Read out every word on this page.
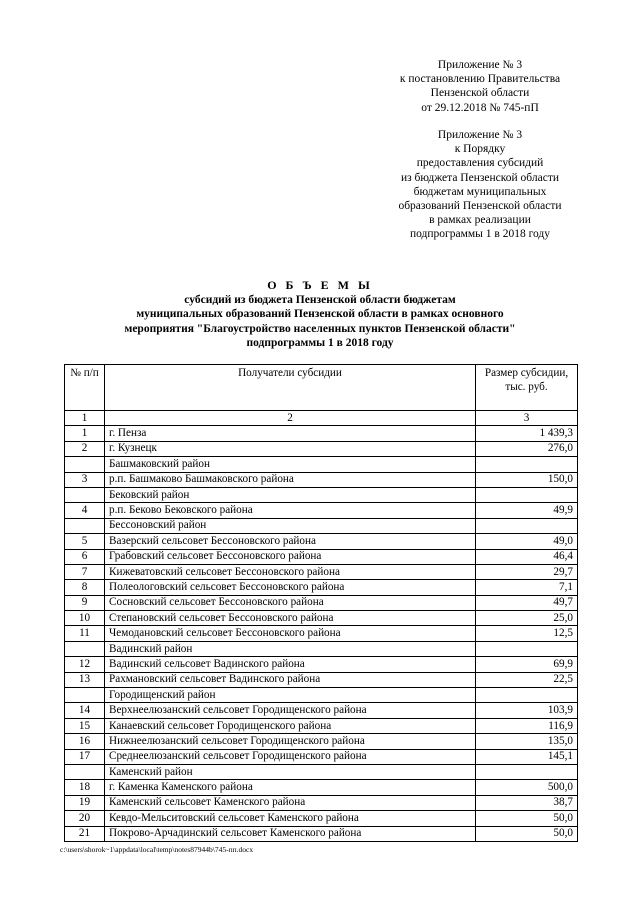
Приложение № 3
к постановлению Правительства
Пензенской области
от 29.12.2018 № 745-пП
Приложение № 3
к Порядку
предоставления субсидий
из бюджета Пензенской области
бюджетам муниципальных
образований Пензенской области
в рамках реализации
подпрограммы 1 в 2018 году
О Б Ъ Е М Ы
субсидий из бюджета Пензенской области бюджетам
муниципальных образований Пензенской области в рамках основного
мероприятия "Благоустройство населенных пунктов Пензенской области"
подпрограммы 1 в 2018 году
№ п/п	Получатели субсидии	Размер субсидии, тыс. руб.
1	2	3
1	г. Пенза	1 439,3
2	г. Кузнецк	276,0
	Башмаковский район	
3	р.п. Башмаково Башмаковского района	150,0
	Бековский район	
4	р.п. Беково Бековского района	49,9
	Бессоновский район	
5	Вазерский сельсовет Бессоновского района	49,0
6	Грабовский сельсовет Бессоновского района	46,4
7	Кижеватовский сельсовет Бессоновского района	29,7
8	Полеологовский сельсовет Бессоновского района	7,1
9	Сосновский сельсовет Бессоновского района	49,7
10	Степановский сельсовет Бессоновского района	25,0
11	Чемодановский сельсовет Бессоновского района	12,5
	Вадинский район	
12	Вадинский сельсовет Вадинского района	69,9
13	Рахмановский сельсовет Вадинского района	22,5
	Городищенский район	
14	Верхнеелюзанский сельсовет Городищенского района	103,9
15	Канаевский сельсовет Городищенского района	116,9
16	Нижнеелюзанский сельсовет Городищенского района	135,0
17	Среднеелюзанский сельсовет Городищенского района	145,1
	Каменский район	
18	г. Каменка Каменского района	500,0
19	Каменский сельсовет Каменского района	38,7
20	Кевдо-Мельситовский сельсовет Каменского района	50,0
21	Покрово-Арчадинский сельсовет Каменского района	50,0
c:\users\shorok~1\appdata\local\temp\notes87944b\745-пп.docx
